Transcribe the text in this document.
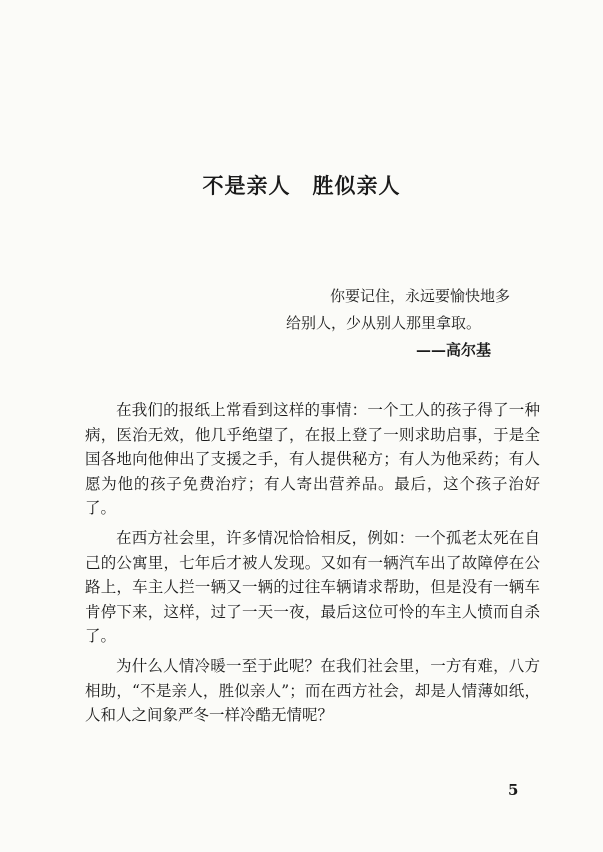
不是亲人　胜似亲人
你要记住，永远要愉快地多
给别人，少从别人那里拿取。
——高尔基

在我们的报纸上常看到这样的事情：一个工人的孩子得了一种病，医治无效，他几乎绝望了，在报上登了一则求助启事，于是全国各地向他伸出了支援之手，有人提供秘方；有人为他采药；有人愿为他的孩子免费治疗；有人寄出营养品。最后，这个孩子治好了。

在西方社会里，许多情况恰恰相反，例如：一个孤老太死在自己的公寓里，七年后才被人发现。又如有一辆汽车出了故障停在公路上，车主人拦一辆又一辆的过往车辆请求帮助，但是没有一辆车肯停下来，这样，过了一天一夜，最后这位可怜的车主人愤而自杀了。

为什么人情冷暖一至于此呢？在我们社会里，一方有难，八方相助，“不是亲人，胜似亲人”；而在西方社会，却是人情薄如纸，人和人之间象严冬一样冷酷无情呢？

5
